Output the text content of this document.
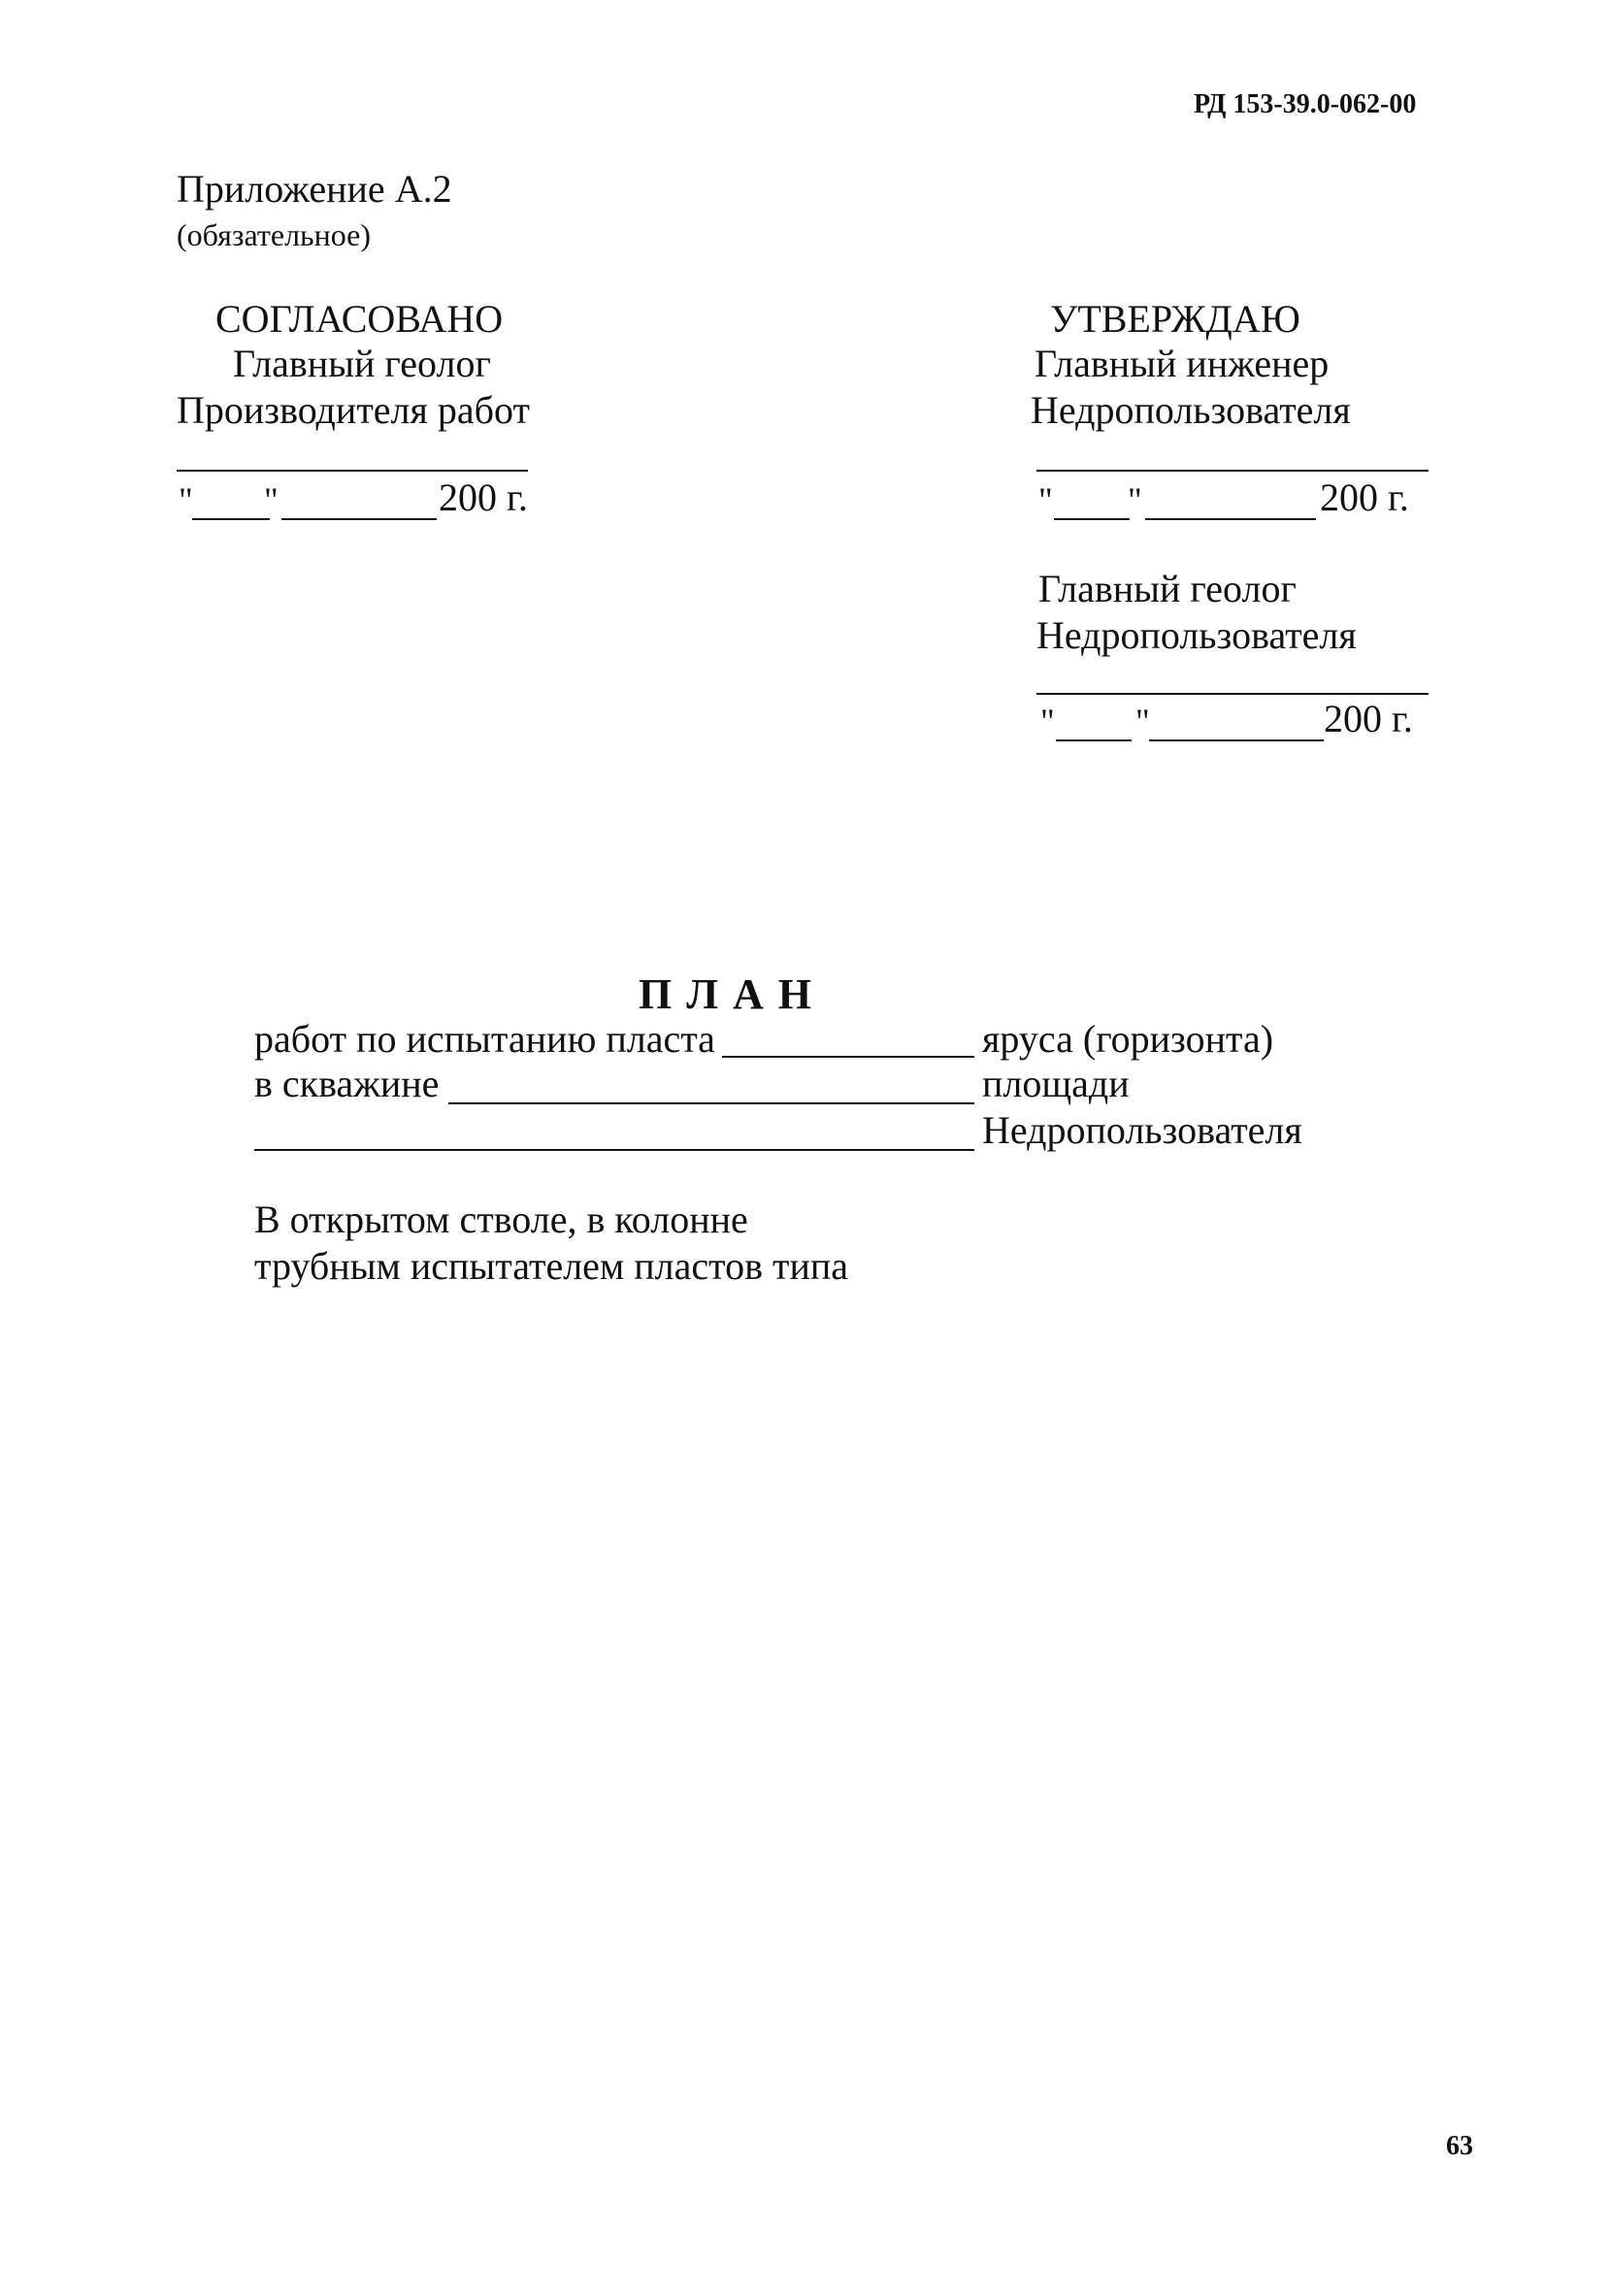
РД 153-39.0-062-00
Приложение А.2
(обязательное)
СОГЛАСОВАНО
Главный геолог
Производителя работ
" "	200 г.
УТВЕРЖДАЮ
Главный инженер
Недропользователя
" "	200 г.
Главный геолог
Недропользователя
" "	200 г.
П Л А Н
работ по испытанию пласта	яруса (горизонта)
в скважине	площади
Недропользователя
В открытом стволе, в колонне
трубным испытателем пластов типа
63
